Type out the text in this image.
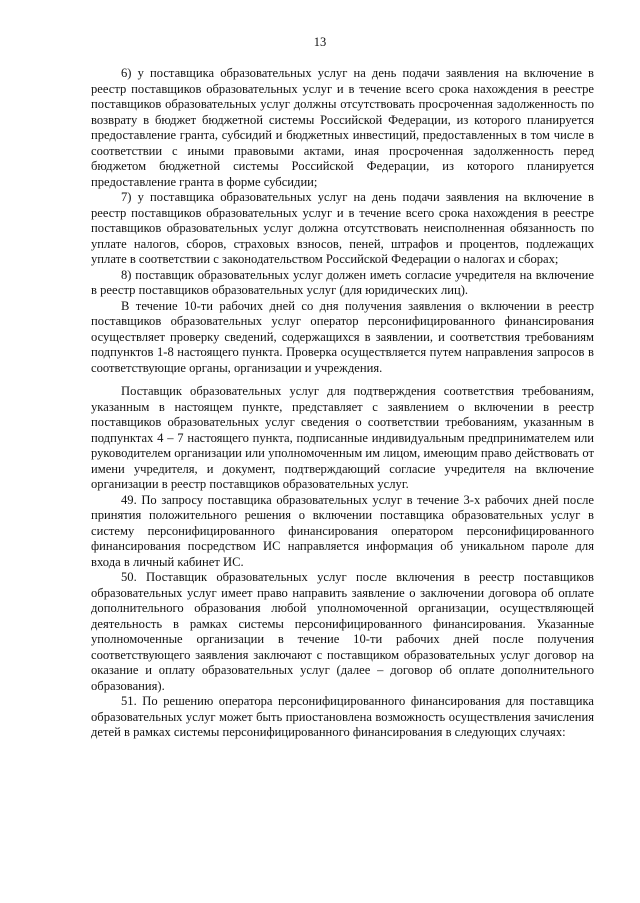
13

6) у поставщика образовательных услуг на день подачи заявления на включение в реестр поставщиков образовательных услуг и в течение всего срока нахождения в реестре поставщиков образовательных услуг должны отсутствовать просроченная задолженность по возврату в бюджет бюджетной системы Российской Федерации, из которого планируется предоставление гранта, субсидий и бюджетных инвестиций, предоставленных в том числе в соответствии с иными правовыми актами, иная просроченная задолженность перед бюджетом бюджетной системы Российской Федерации, из которого планируется предоставление гранта в форме субсидии;

7) у поставщика образовательных услуг на день подачи заявления на включение в реестр поставщиков образовательных услуг и в течение всего срока нахождения в реестре поставщиков образовательных услуг должна отсутствовать неисполненная обязанность по уплате налогов, сборов, страховых взносов, пеней, штрафов и процентов, подлежащих уплате в соответствии с законодательством Российской Федерации о налогах и сборах;

8) поставщик образовательных услуг должен иметь согласие учредителя на включение в реестр поставщиков образовательных услуг (для юридических лиц).

В течение 10-ти рабочих дней со дня получения заявления о включении в реестр поставщиков образовательных услуг оператор персонифицированного финансирования осуществляет проверку сведений, содержащихся в заявлении, и соответствия требованиям подпунктов 1-8 настоящего пункта. Проверка осуществляется путем направления запросов в соответствующие органы, организации и учреждения.

Поставщик образовательных услуг для подтверждения соответствия требованиям, указанным в настоящем пункте, представляет с заявлением о включении в реестр поставщиков образовательных услуг сведения о соответствии требованиям, указанным в подпунктах 4 – 7 настоящего пункта, подписанные индивидуальным предпринимателем или руководителем организации или уполномоченным им лицом, имеющим право действовать от имени учредителя, и документ, подтверждающий согласие учредителя на включение организации в реестр поставщиков образовательных услуг.

49. По запросу поставщика образовательных услуг в течение 3-х рабочих дней после принятия положительного решения о включении поставщика образовательных услуг в систему персонифицированного финансирования оператором персонифицированного финансирования посредством ИС направляется информация об уникальном пароле для входа в личный кабинет ИС.

50. Поставщик образовательных услуг после включения в реестр поставщиков образовательных услуг имеет право направить заявление о заключении договора об оплате дополнительного образования любой уполномоченной организации, осуществляющей деятельность в рамках системы персонифицированного финансирования. Указанные уполномоченные организации в течение 10-ти рабочих дней после получения соответствующего заявления заключают с поставщиком образовательных услуг договор на оказание и оплату образовательных услуг (далее – договор об оплате дополнительного образования).

51. По решению оператора персонифицированного финансирования для поставщика образовательных услуг может быть приостановлена возможность осуществления зачисления детей в рамках системы персонифицированного финансирования в следующих случаях:
